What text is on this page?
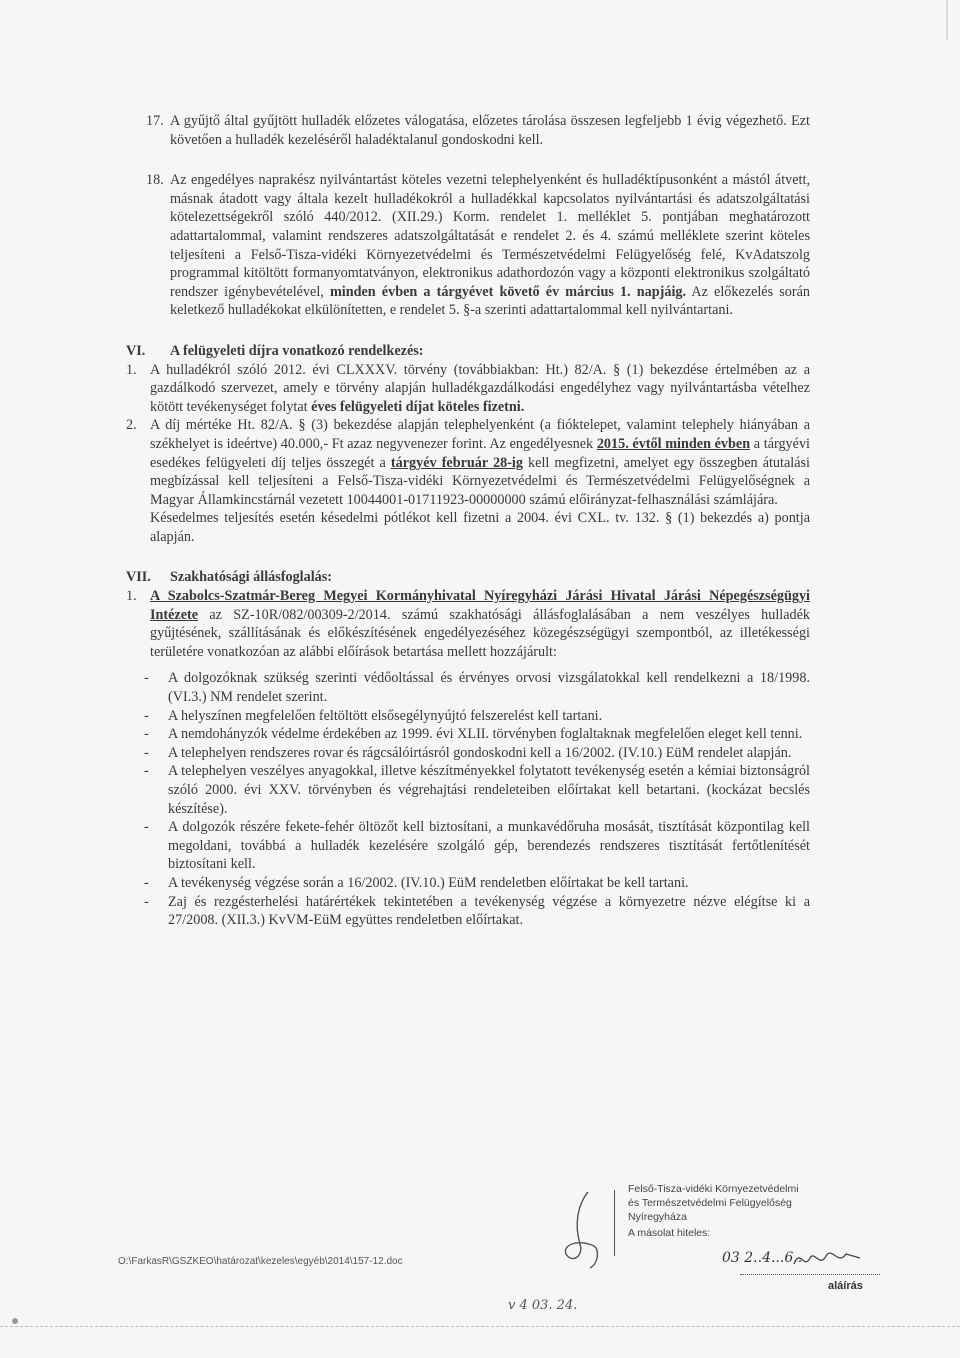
17. A gyűjtő által gyűjtött hulladék előzetes válogatása, előzetes tárolása összesen legfeljebb 1 évig végezhető. Ezt követően a hulladék kezeléséről haladéktalanul gondoskodni kell.
18. Az engedélyes naprakész nyilvántartást köteles vezetni telephelyenként és hulladéktípusonként a mástól átvett, másnak átadott vagy általa kezelt hulladékokról a hulladékkal kapcsolatos nyilvántartási és adatszolgáltatási kötelezettségekről szóló 440/2012. (XII.29.) Korm. rendelet 1. melléklet 5. pontjában meghatározott adattartalommal, valamint rendszeres adatszolgáltatását e rendelet 2. és 4. számú melléklete szerint köteles teljesíteni a Felső-Tisza-vidéki Környezetvédelmi és Természetvédelmi Felügyelőség felé, KvAdatszolg programmal kitöltött formanyomtatványon, elektronikus adathordozón vagy a központi elektronikus szolgáltató rendszer igénybevételével, minden évben a tárgyévet követő év március 1. napjáig. Az előkezelés során keletkező hulladékokat elkülönítetten, e rendelet 5. §-a szerinti adattartalommal kell nyilvántartani.
VI. A felügyeleti díjra vonatkozó rendelkezés:
1. A hulladékról szóló 2012. évi CLXXXV. törvény (továbbiakban: Ht.) 82/A. § (1) bekezdése értelmében az a gazdálkodó szervezet, amely e törvény alapján hulladékgazdálkodási engedélyhez vagy nyilvántartásba vételhez kötött tevékenységet folytat éves felügyeleti díjat köteles fizetni.
2. A díj mértéke Ht. 82/A. § (3) bekezdése alapján telephelyenként (a fióktelepet, valamint telephely hiányában a székhelyet is ideértve) 40.000,- Ft azaz negyvenezer forint. Az engedélyesnek 2015. évtől minden évben a tárgyévi esedékes felügyeleti díj teljes összegét a tárgyév február 28-ig kell megfizetni, amelyet egy összegben átutalási megbízással kell teljesíteni a Felső-Tisza-vidéki Környezetvédelmi és Természetvédelmi Felügyelőségnek a Magyar Államkincstárnál vezetett 10044001-01711923-00000000 számú előirányzat-felhasználási számlájára.
Késedelmes teljesítés esetén késedelmi pótlékot kell fizetni a 2004. évi CXL. tv. 132. § (1) bekezdés a) pontja alapján.
VII. Szakhatósági állásfoglalás:
1. A Szabolcs-Szatmár-Bereg Megyei Kormányhivatal Nyíregyházi Járási Hivatal Járási Népegészségügyi Intézete az SZ-10R/082/00309-2/2014. számú szakhatósági állásfoglalásában a nem veszélyes hulladék gyűjtésének, szállításának és előkészítésének engedélyezéséhez közegészségügyi szempontból, az illetékességi területére vonatkozóan az alábbi előírások betartása mellett hozzájárult:
-	A dolgozóknak szükség szerinti védőoltással és érvényes orvosi vizsgálatokkal kell rendelkezni a 18/1998. (VI.3.) NM rendelet szerint.
-	A helyszínen megfelelően feltöltött elsősegélynyújtó felszerelést kell tartani.
-	A nemdohányzók védelme érdekében az 1999. évi XLII. törvényben foglaltaknak megfelelően eleget kell tenni.
-	A telephelyen rendszeres rovar és rágcsálóirtásról gondoskodni kell a 16/2002. (IV.10.) EüM rendelet alapján.
-	A telephelyen veszélyes anyagokkal, illetve készítményekkel folytatott tevékenység esetén a kémiai biztonságról szóló 2000. évi XXV. törvényben és végrehajtási rendeleteiben előírtakat kell betartani. (kockázat becslés készítése).
-	A dolgozók részére fekete-fehér öltözőt kell biztosítani, a munkavédőruha mosását, tisztítását központilag kell megoldani, továbbá a hulladék kezelésére szolgáló gép, berendezés rendszeres tisztítását fertőtlenítését biztosítani kell.
-	A tevékenység végzése során a 16/2002. (IV.10.) EüM rendeletben előírtakat be kell tartani.
-	Zaj és rezgésterhelési határértékek tekintetében a tevékenység végzése a környezetre nézve elégítse ki a 27/2008. (XII.3.) KvVM-EüM együttes rendeletben előírtakat.
Felső-Tisza-vidéki Környezetvédelmi
és Természetvédelmi Felügyelőség
Nyíregyháza
A másolat hiteles:
03 2..4...6..
aláírás
O:\FarkasR\GSZKEO\határozat\kezeles\egyéb\2014\157-12.doc
v 4 03. 24.
